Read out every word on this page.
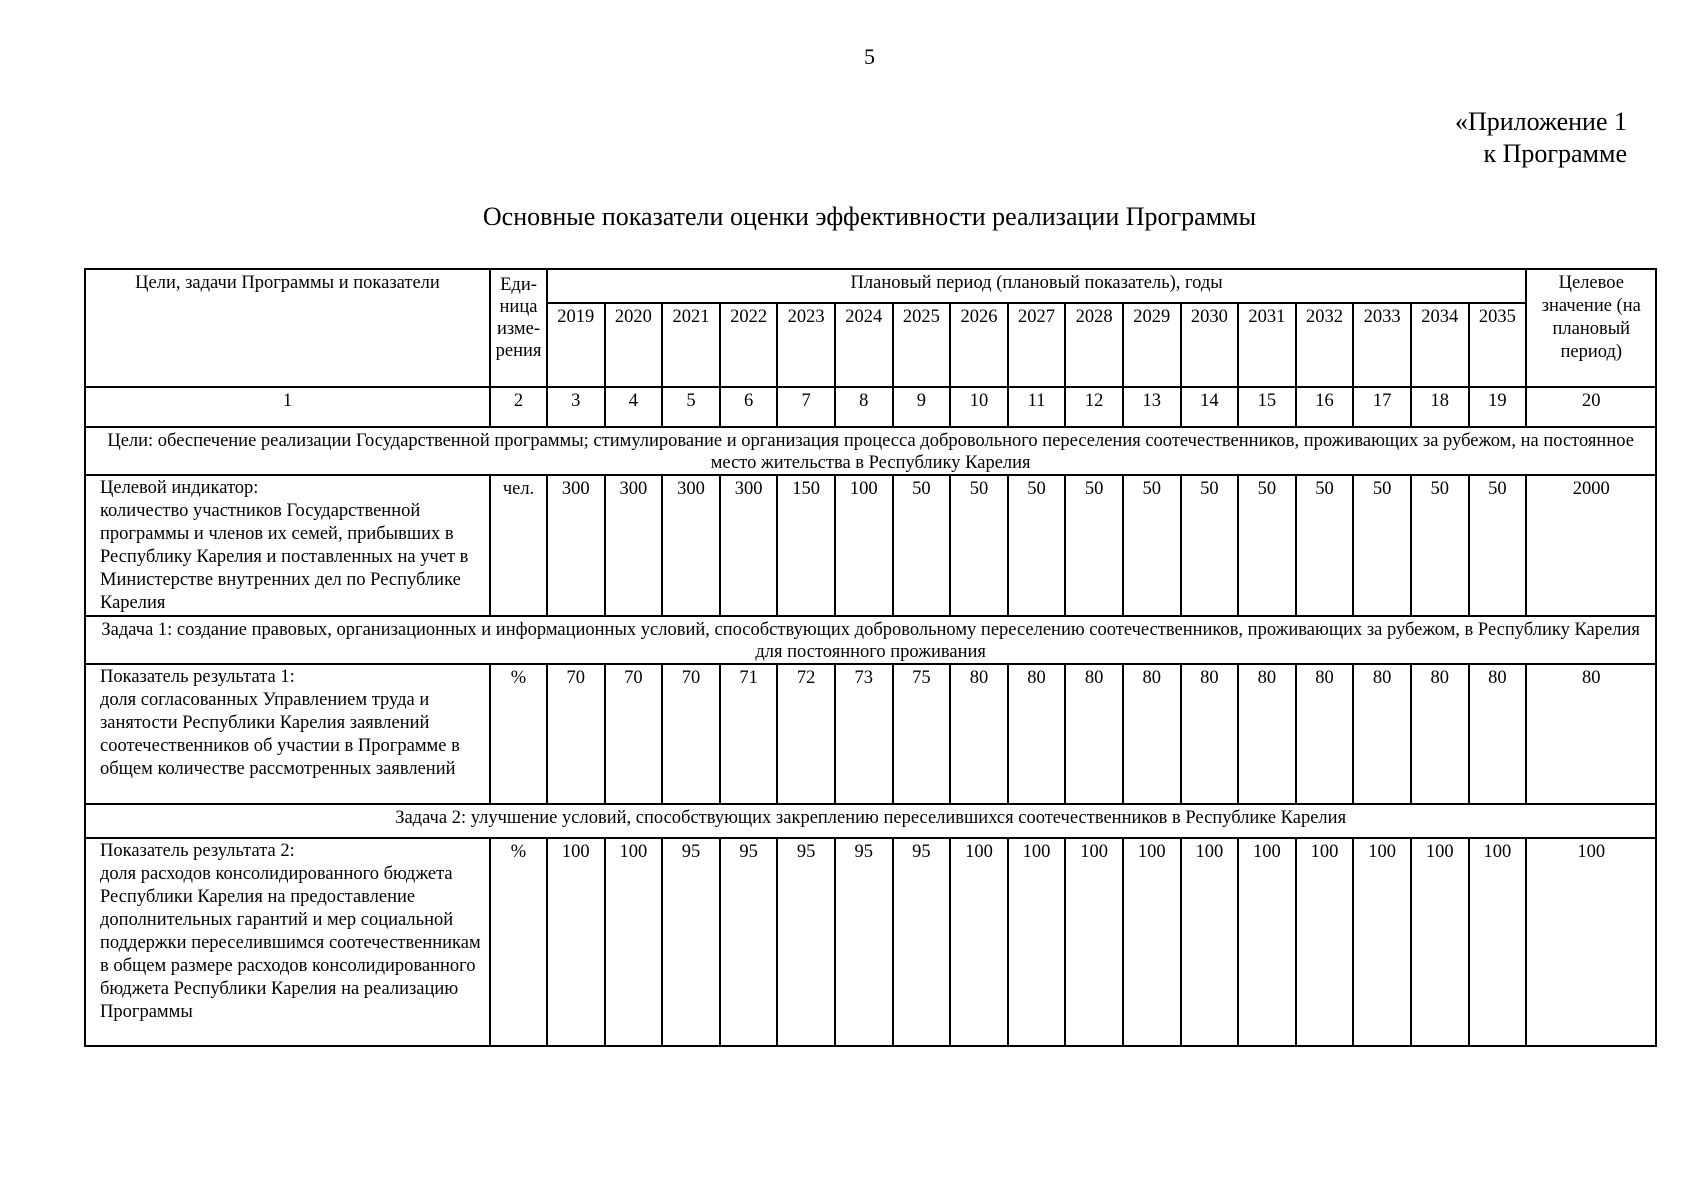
5
«Приложение 1
к Программе
Основные показатели оценки эффективности реализации Программы
Цели, задачи Программы и показатели	Еди-ница изме-рения	Плановый период (плановый показатель), годы																	Целевое значение (на плановый период)
		2019	2020	2021	2022	2023	2024	2025	2026	2027	2028	2029	2030	2031	2032	2033	2034	2035	
1	2	3	4	5	6	7	8	9	10	11	12	13	14	15	16	17	18	19	20
Цели: обеспечение реализации Государственной программы; стимулирование и организация процесса добровольного переселения соотечественников, проживающих за рубежом, на постоянное место жительства в Республику Карелия																			
Целевой индикатор:
количество участников Государственной программы и членов их семей, прибывших в Республику Карелия и поставленных на учет в Министерстве внутренних дел по Республике Карелия	чел.	300	300	300	300	150	100	50	50	50	50	50	50	50	50	50	50	50	2000
Задача 1: создание правовых, организационных и информационных условий, способствующих добровольному переселению соотечественников, проживающих за рубежом, в Республику Карелия для постоянного проживания																			
Показатель результата 1:
доля согласованных Управлением труда и занятости Республики Карелия заявлений соотечественников об участии в Программе в общем количестве рассмотренных заявлений	%	70	70	70	71	72	73	75	80	80	80	80	80	80	80	80	80	80	80
Задача 2: улучшение условий, способствующих закреплению переселившихся соотечественников в Республике Карелия																			
Показатель результата 2:
доля расходов консолидированного бюджета Республики Карелия на предоставление дополнительных гарантий и мер социальной поддержки переселившимся соотечественникам в общем размере расходов консолидированного бюджета Республики Карелия на реализацию Программы	%	100	100	95	95	95	95	95	100	100	100	100	100	100	100	100	100	100	100
